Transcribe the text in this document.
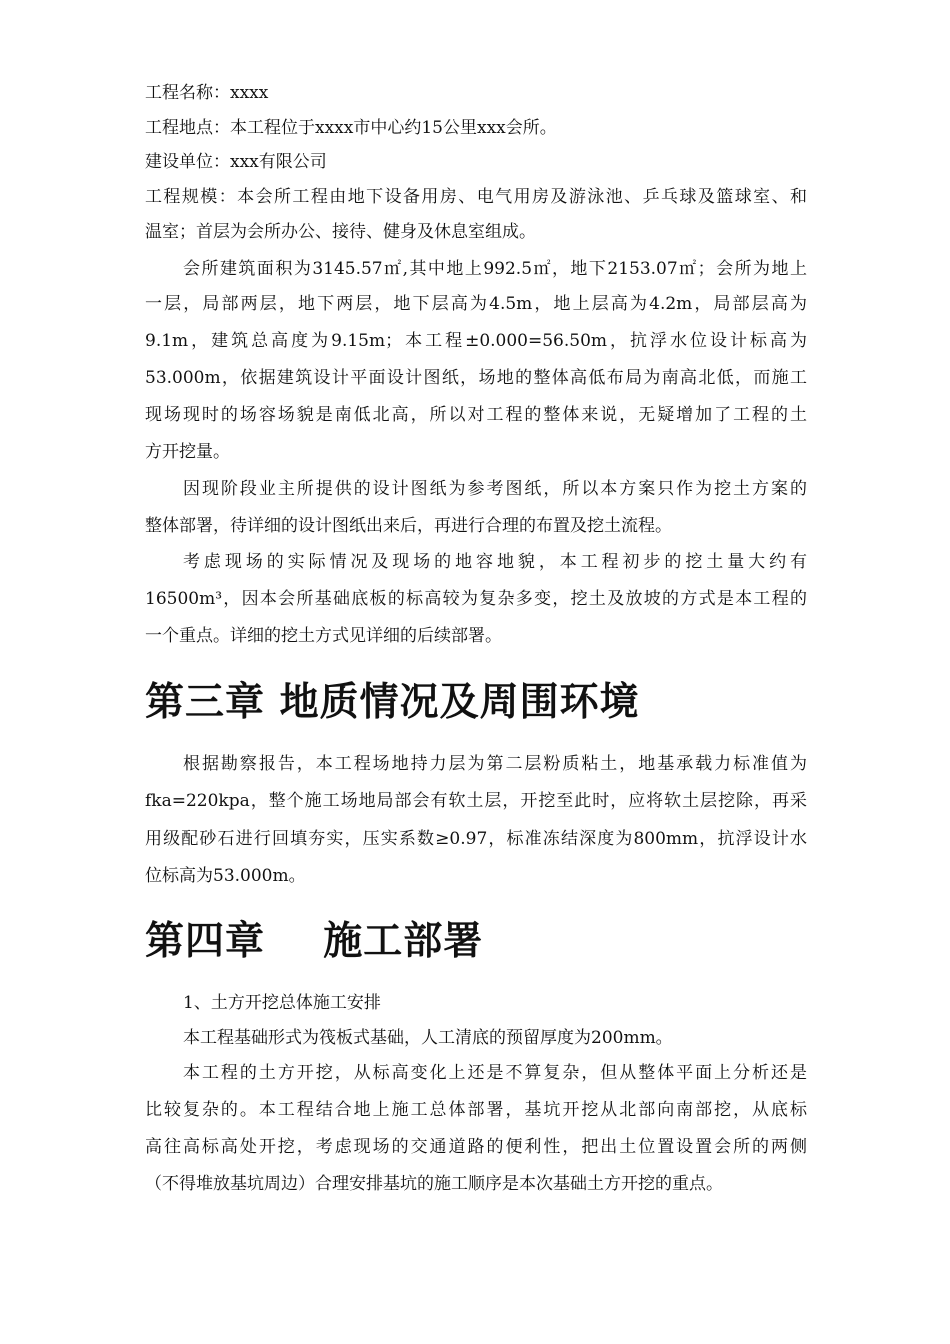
工程名称：xxxx

工程地点：本工程位于xxxx市中心约15公里xxx会所。

建设单位：xxx有限公司

工程规模：本会所工程由地下设备用房、电气用房及游泳池、乒乓球及篮球室、和

温室；首层为会所办公、接待、健身及休息室组成。

会所建筑面积为3145.57㎡,其中地上992.5㎡，地下2153.07㎡；会所为地上

一层，局部两层，地下两层，地下层高为4.5m，地上层高为4.2m，局部层高为

9.1m，建筑总高度为9.15m；本工程±0.000=56.50m，抗浮水位设计标高为

53.000m，依据建筑设计平面设计图纸，场地的整体高低布局为南高北低，而施工

现场现时的场容场貌是南低北高，所以对工程的整体来说，无疑增加了工程的土

方开挖量。

因现阶段业主所提供的设计图纸为参考图纸，所以本方案只作为挖土方案的

整体部署，待详细的设计图纸出来后，再进行合理的布置及挖土流程。

考虑现场的实际情况及现场的地容地貌，本工程初步的挖土量大约有

16500m³，因本会所基础底板的标高较为复杂多变，挖土及放坡的方式是本工程的

一个重点。详细的挖土方式见详细的后续部署。

第三章 地质情况及周围环境

根据勘察报告，本工程场地持力层为第二层粉质粘土，地基承载力标准值为

fka=220kpa，整个施工场地局部会有软土层，开挖至此时，应将软土层挖除，再采

用级配砂石进行回填夯实，压实系数≥0.97，标准冻结深度为800mm，抗浮设计水

位标高为53.000m。

第四章    施工部署

1、土方开挖总体施工安排

本工程基础形式为筏板式基础，人工清底的预留厚度为200mm。

本工程的土方开挖，从标高变化上还是不算复杂，但从整体平面上分析还是

比较复杂的。本工程结合地上施工总体部署，基坑开挖从北部向南部挖，从底标

高往高标高处开挖，考虑现场的交通道路的便利性，把出土位置设置会所的两侧

（不得堆放基坑周边）合理安排基坑的施工顺序是本次基础土方开挖的重点。
